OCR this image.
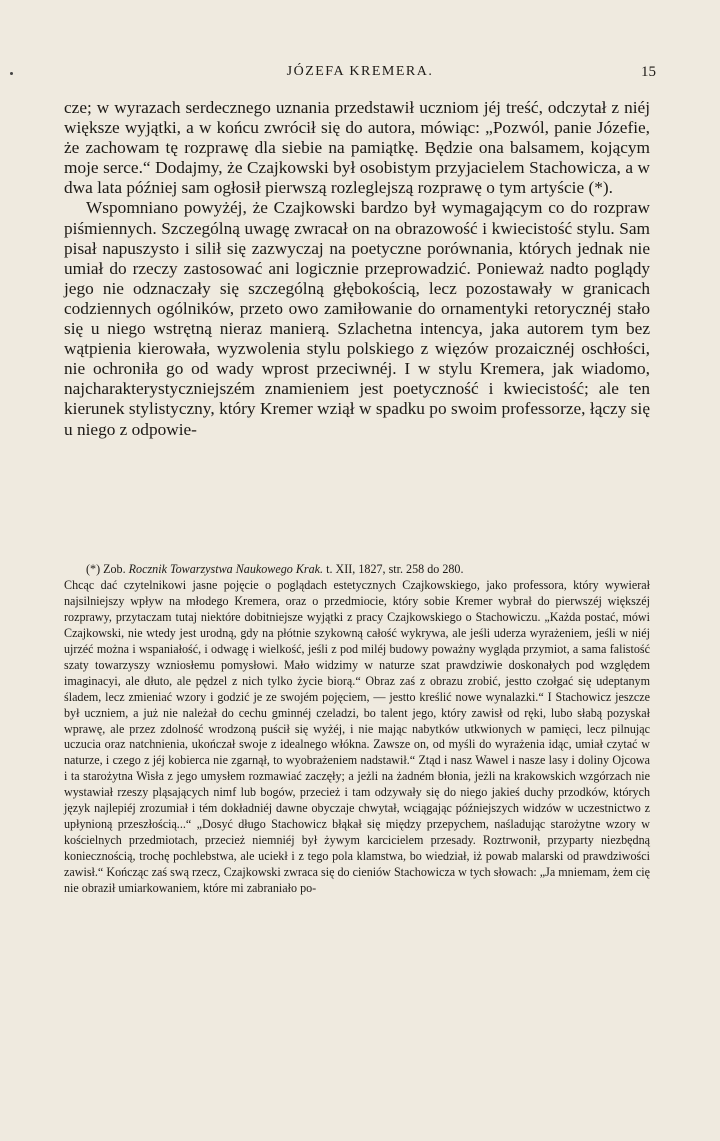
JÓZEFA KREMERA.	15

cze; w wyrazach serdecznego uznania przedstawił uczniom jéj treść, odczytał z niéj większe wyjątki, a w końcu zwrócił się do autora, mówiąc: „Pozwól, panie Józefie, że zachowam tę rozprawę dla siebie na pamiątkę. Będzie ona balsamem, kojącym moje serce.“ Dodajmy, że Czajkowski był osobistym przyjacielem Stachowicza, a w dwa lata później sam ogłosił pierwszą rozleglejszą rozprawę o tym artyście (*).

Wspomniano powyżéj, że Czajkowski bardzo był wymagającym co do rozpraw piśmiennych. Szczególną uwagę zwracał on na obrazowość i kwiecistość stylu. Sam pisał napuszysto i silił się zazwyczaj na poetyczne porównania, których jednak nie umiał do rzeczy zastosować ani logicznie przeprowadzić. Ponieważ nadto poglądy jego nie odznaczały się szczególną głębokością, lecz pozostawały w granicach codziennych ogólników, przeto owo zamiłowanie do ornamentyki retorycznéj stało się u niego wstrętną nieraz manierą. Szlachetna intencya, jaka autorem tym bez wątpienia kierowała, wyzwolenia stylu polskiego z więzów prozaicznéj oschłości, nie ochroniła go od wady wprost przeciwnéj. I w stylu Kremera, jak wiadomo, najcharakterystyczniejszém znamieniem jest poetyczność i kwiecistość; ale ten kierunek stylistyczny, który Kremer wziął w spadku po swoim professorze, łączy się u niego z odpowie-

(*) Zob. Rocznik Towarzystwa Naukowego Krak. t. XII, 1827, str. 258 do 280.

Chcąc dać czytelnikowi jasne pojęcie o poglądach estetycznych Czajkowskiego, jako professora, który wywierał najsilniejszy wpływ na młodego Kremera, oraz o przedmiocie, który sobie Kremer wybrał do pierwszéj większéj rozprawy, przytaczam tutaj niektóre dobitniejsze wyjątki z pracy Czajkowskiego o Stachowiczu. „Każda postać, mówi Czajkowski, nie wtedy jest urodną, gdy na płótnie szykowną całość wykrywa, ale jeśli uderza wyrażeniem, jeśli w niéj ujrzéć można i wspaniałość, i odwagę i wielkość, jeśli z pod miléj budowy poważny wygląda przymiot, a sama falistość szaty towarzyszy wzniosłemu pomysłowi. Mało widzimy w naturze szat prawdziwie doskonałych pod względem imaginacyi, ale dłuto, ale pędzel z nich tylko życie biorą.“ Obraz zaś z obrazu zrobić, jestto czołgać się udeptanym śladem, lecz zmieniać wzory i godzić je ze swojém pojęciem, — jestto kreślić nowe wynalazki.“ I Stachowicz jeszcze był uczniem, a już nie należał do cechu gminnéj czeladzi, bo talent jego, który zawisł od ręki, lubo słabą pozyskał wprawę, ale przez zdolność wrodzoną puścił się wyżéj, i nie mając nabytków utkwionych w pamięci, lecz pilnując uczucia oraz natchnienia, ukończał swoje z idealnego włókna. Zawsze on, od myśli do wyrażenia idąc, umiał czytać w naturze, i czego z jéj kobierca nie zgarnął, to wyobrażeniem nadstawił.“ Ztąd i nasz Wawel i nasze lasy i doliny Ojcowa i ta starożytna Wisła z jego umysłem rozmawiać zaczęły; a jeżli na żadném błonia, jeżli na krakowskich wzgórzach nie wystawiał rzeszy pląsających nimf lub bogów, przecież i tam odzywały się do niego jakieś duchy przodków, których język najlepiéj zrozumiał i tém dokładniéj dawne obyczaje chwytał, wciągając późniejszych widzów w uczestnictwo z upłynioną przeszłością...“ „Dosyć długo Stachowicz błąkał się między przepychem, naśladując starożytne wzory w kościelnych przedmiotach, przecież niemniéj był żywym karcicielem przesady. Roztrwonił, przyparty niezbędną koniecznością, trochę pochlebstwa, ale uciekł i z tego pola klamstwa, bo wiedział, iż powab malarski od prawdziwości zawisł.“ Kończąc zaś swą rzecz, Czajkowski zwraca się do cieniów Stachowicza w tych słowach: „Ja mniemam, żem cię nie obraził umiarkowaniem, które mi zabraniało po-
